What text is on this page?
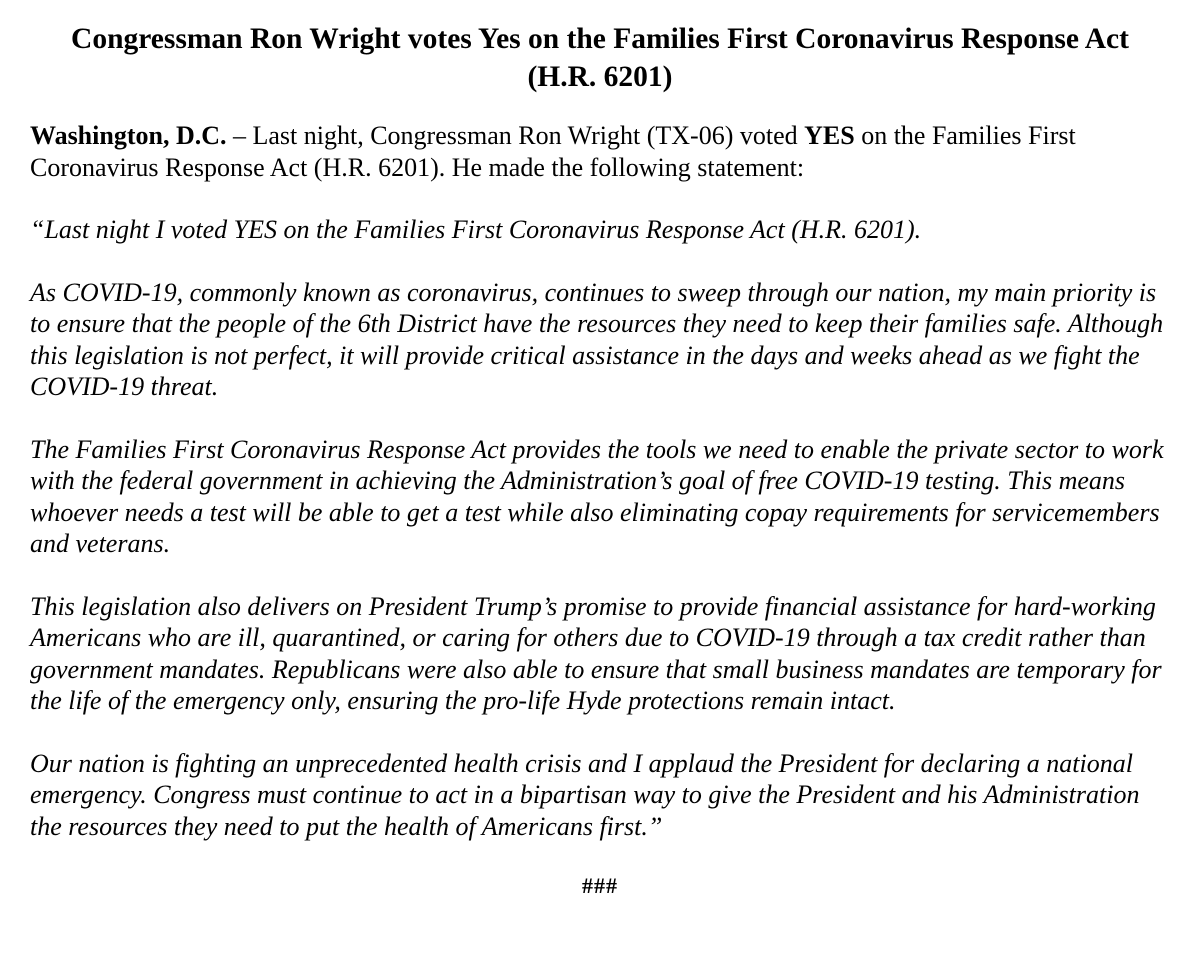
Congressman Ron Wright votes Yes on the Families First Coronavirus Response Act (H.R. 6201)

Washington, D.C. – Last night, Congressman Ron Wright (TX-06) voted YES on the Families First Coronavirus Response Act (H.R. 6201). He made the following statement:

“Last night I voted YES on the Families First Coronavirus Response Act (H.R. 6201).

As COVID-19, commonly known as coronavirus, continues to sweep through our nation, my main priority is to ensure that the people of the 6th District have the resources they need to keep their families safe. Although this legislation is not perfect, it will provide critical assistance in the days and weeks ahead as we fight the COVID-19 threat.

The Families First Coronavirus Response Act provides the tools we need to enable the private sector to work with the federal government in achieving the Administration’s goal of free COVID-19 testing. This means whoever needs a test will be able to get a test while also eliminating copay requirements for servicemembers and veterans.

This legislation also delivers on President Trump’s promise to provide financial assistance for hard-working Americans who are ill, quarantined, or caring for others due to COVID-19 through a tax credit rather than government mandates. Republicans were also able to ensure that small business mandates are temporary for the life of the emergency only, ensuring the pro-life Hyde protections remain intact.

Our nation is fighting an unprecedented health crisis and I applaud the President for declaring a national emergency. Congress must continue to act in a bipartisan way to give the President and his Administration the resources they need to put the health of Americans first.”

###
